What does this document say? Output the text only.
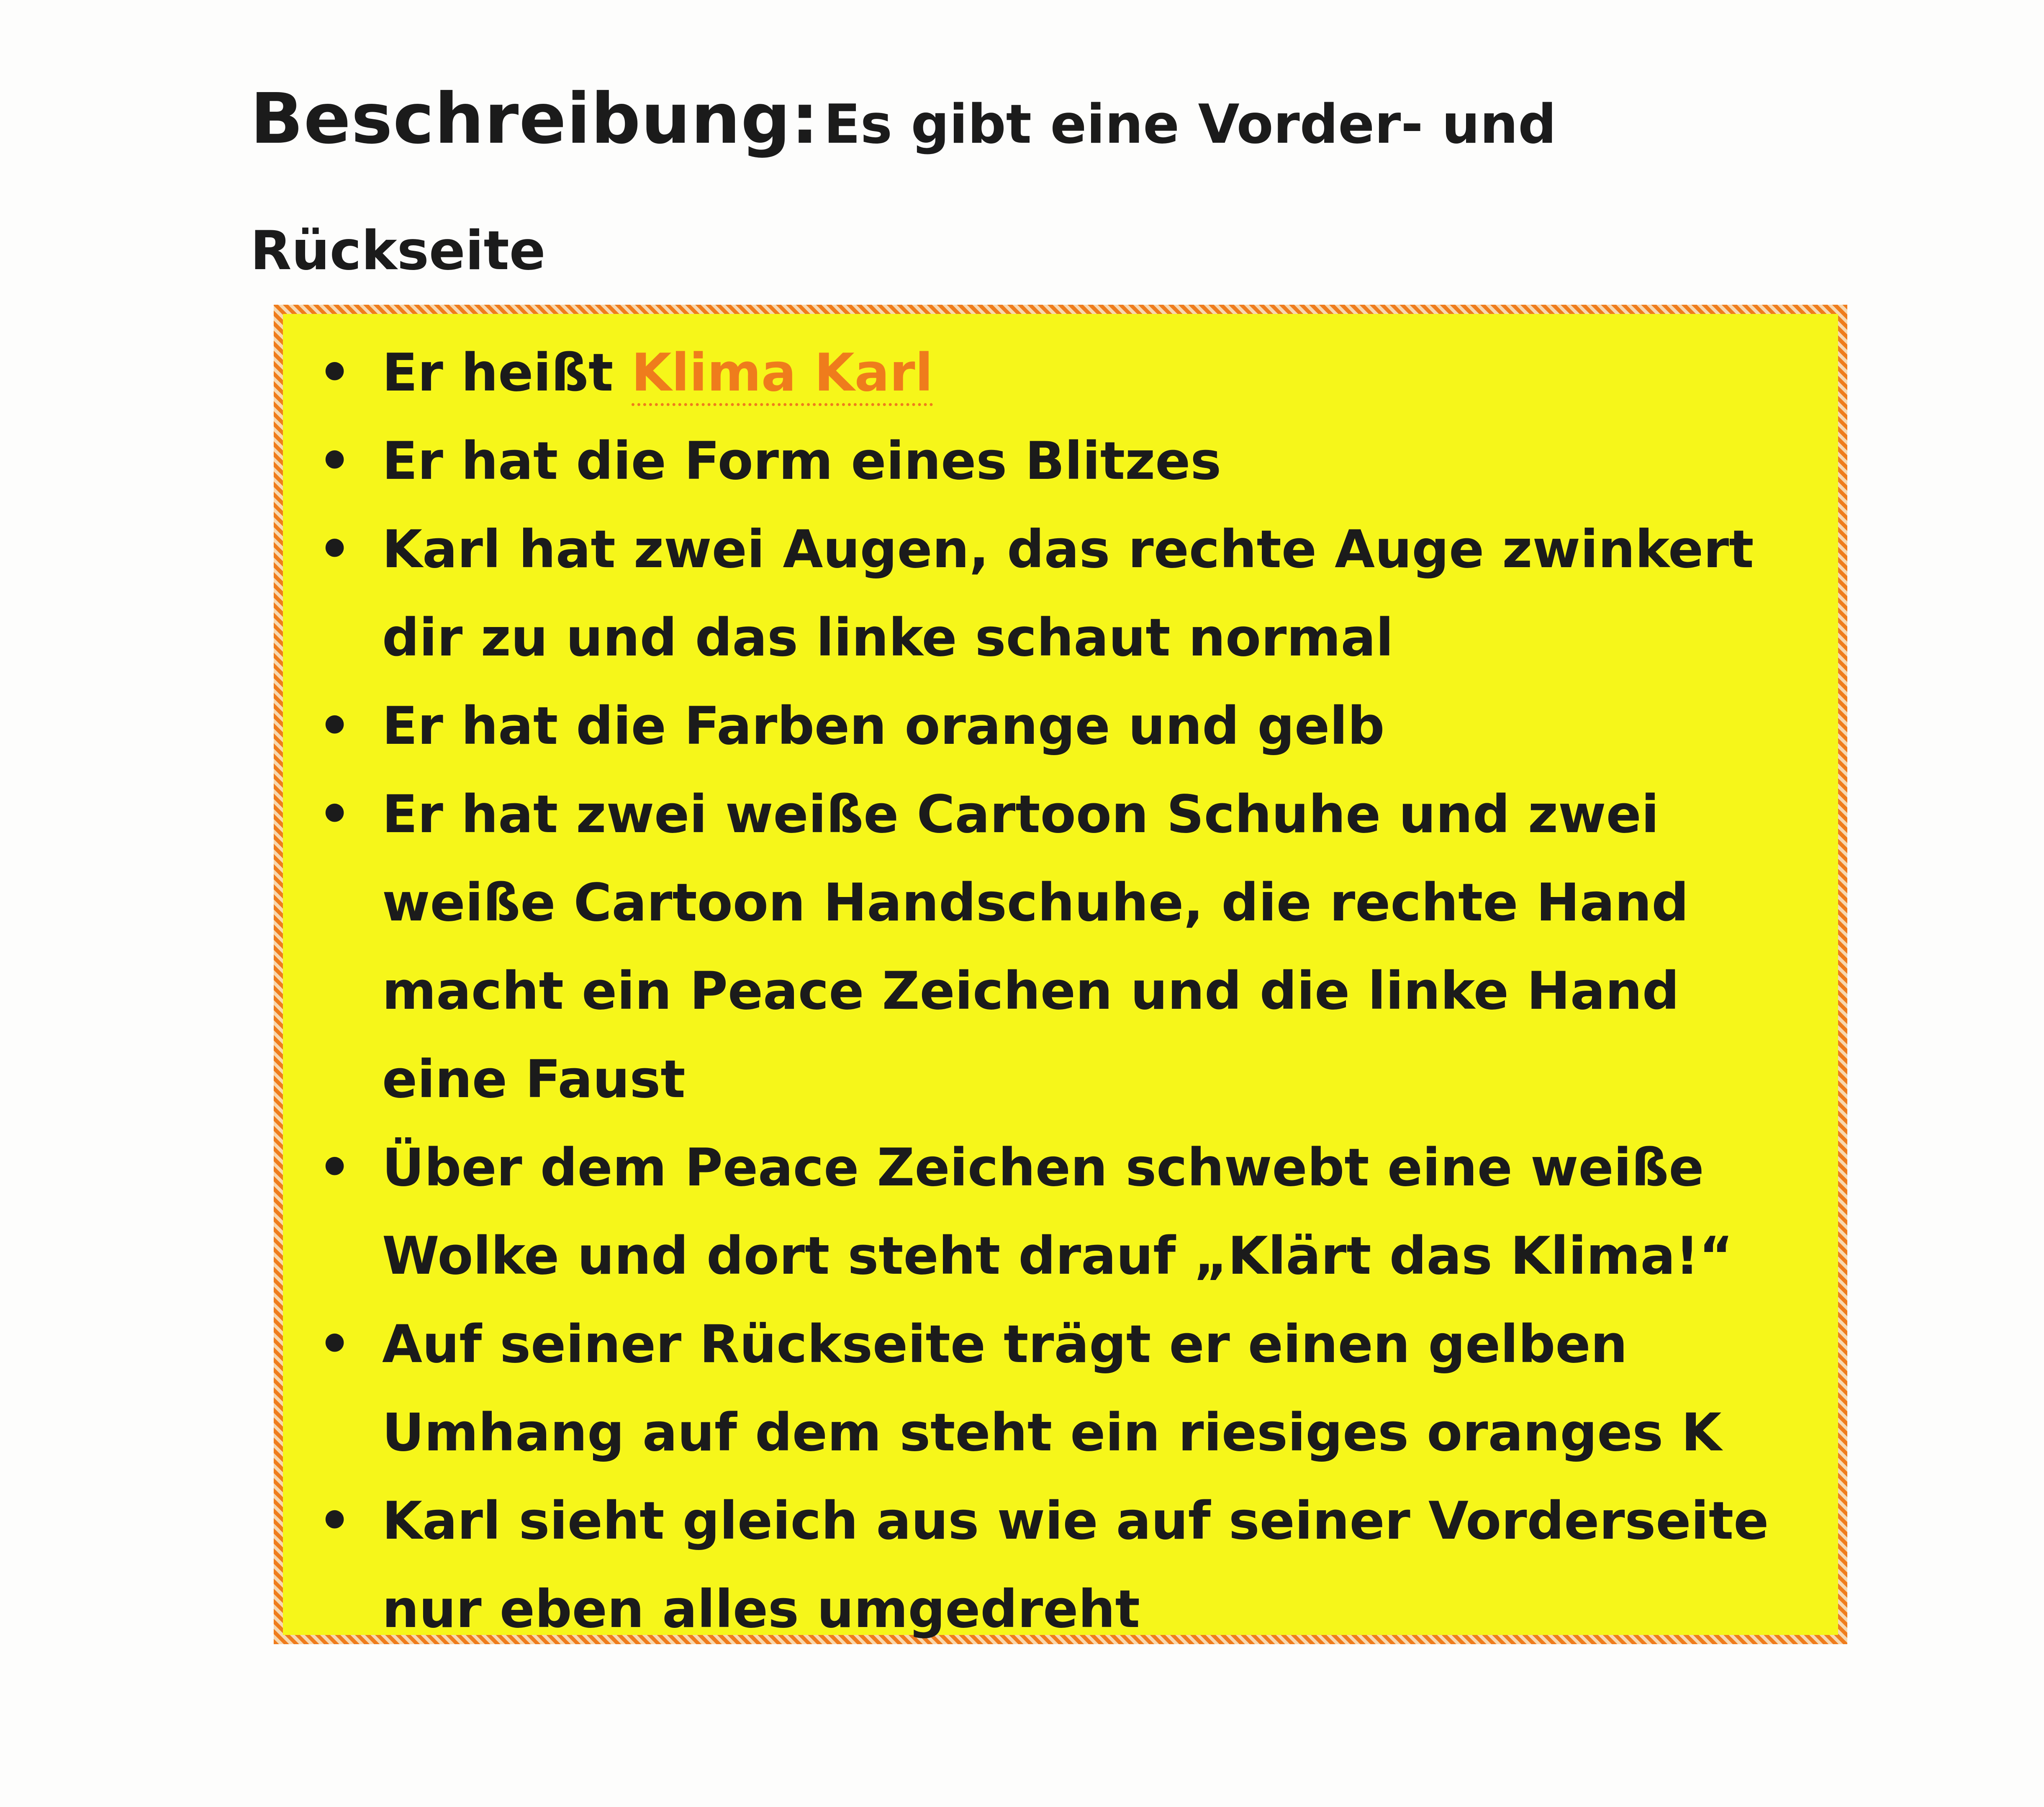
Beschreibung: Es gibt eine Vorder- und Rückseite
• Er heißt Klima Karl
• Er hat die Form eines Blitzes
• Karl hat zwei Augen, das rechte Auge zwinkert dir zu und das linke schaut normal
• Er hat die Farben orange und gelb
• Er hat zwei weiße Cartoon Schuhe und zwei weiße Cartoon Handschuhe, die rechte Hand macht ein Peace Zeichen und die linke Hand eine Faust
• Über dem Peace Zeichen schwebt eine weiße Wolke und dort steht drauf „Klärt das Klima!“
• Auf seiner Rückseite trägt er einen gelben Umhang auf dem steht ein riesiges oranges K
• Karl sieht gleich aus wie auf seiner Vorderseite nur eben alles umgedreht
